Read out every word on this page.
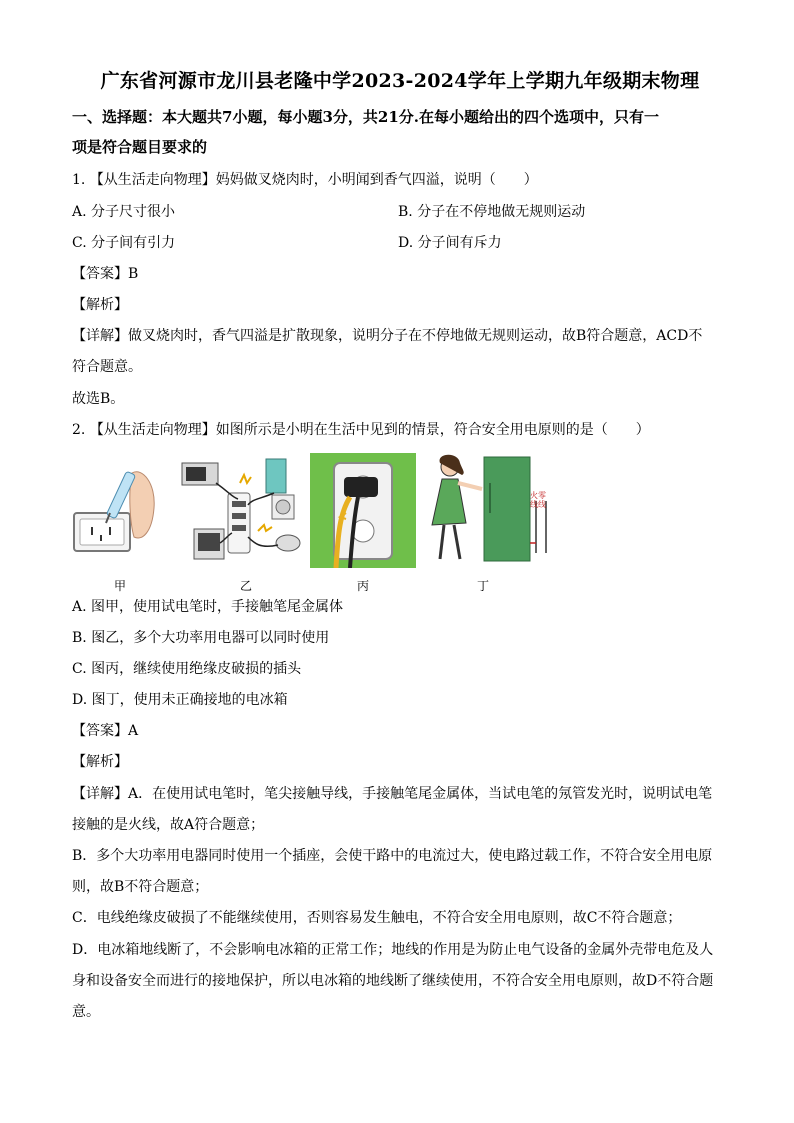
广东省河源市龙川县老隆中学2023-2024学年上学期九年级期末物理
一、选择题：本大题共7小题，每小题3分，共21分.在每小题给出的四个选项中，只有一
项是符合题目要求的
1. 【从生活走向物理】妈妈做叉烧肉时，小明闻到香气四溢，说明（　　）
A. 分子尺寸很小	B. 分子在不停地做无规则运动
C. 分子间有引力	D. 分子间有斥力
【答案】B
【解析】
【详解】做叉烧肉时，香气四溢是扩散现象，说明分子在不停地做无规则运动，故B符合题意，ACD不
符合题意。
故选B。
2. 【从生活走向物理】如图所示是小明在生活中见到的情景，符合安全用电原则的是（　　）
甲	乙	丙
火零
线线
丁
A. 图甲，使用试电笔时，手接触笔尾金属体
B. 图乙，多个大功率用电器可以同时使用
C. 图丙，继续使用绝缘皮破损的插头
D. 图丁，使用未正确接地的电冰箱
【答案】A
【解析】
【详解】A．在使用试电笔时，笔尖接触导线，手接触笔尾金属体，当试电笔的氖管发光时，说明试电笔
接触的是火线，故A符合题意；
B．多个大功率用电器同时使用一个插座，会使干路中的电流过大，使电路过载工作，不符合安全用电原
则，故B不符合题意；
C．电线绝缘皮破损了不能继续使用，否则容易发生触电，不符合安全用电原则，故C不符合题意；
D．电冰箱地线断了，不会影响电冰箱的正常工作；地线的作用是为防止电气设备的金属外壳带电危及人
身和设备安全而进行的接地保护，所以电冰箱的地线断了继续使用，不符合安全用电原则，故D不符合题
意。
